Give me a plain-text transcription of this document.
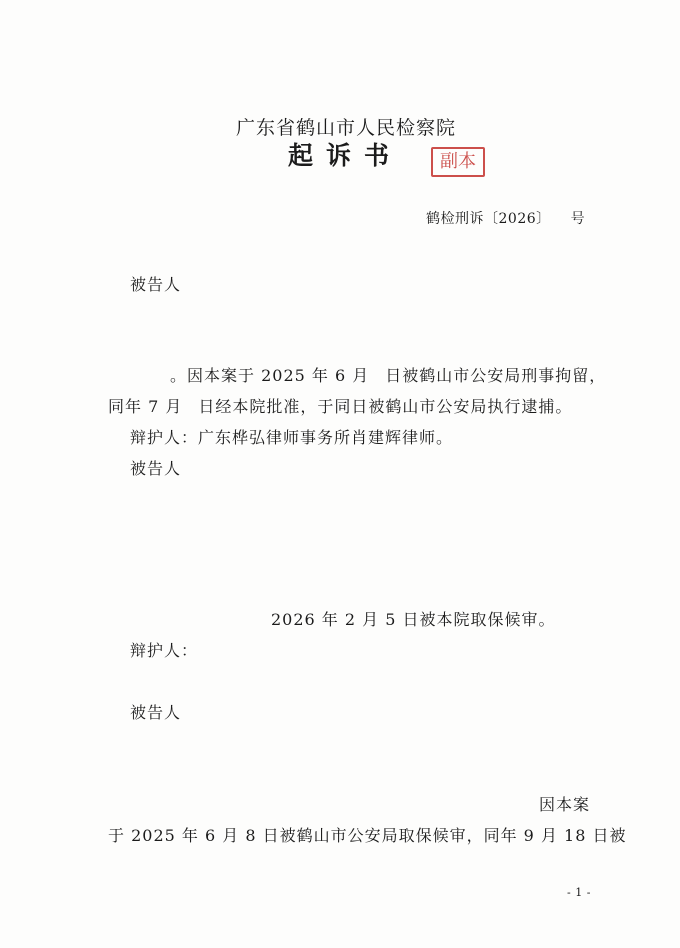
广东省鹤山市人民检察院
起诉书	副本
鹤检刑诉〔2026〕 号
被告人
。因本案于 2025 年 6 月 日被鹤山市公安局刑事拘留，
同年 7 月 日经本院批准，于同日被鹤山市公安局执行逮捕。
辩护人：广东桦弘律师事务所肖建辉律师。
被告人
2026 年 2 月 5 日被本院取保候审。
辩护人：
被告人
因本案
于 2025 年 6 月 8 日被鹤山市公安局取保候审，同年 9 月 18 日被
- 1 -
